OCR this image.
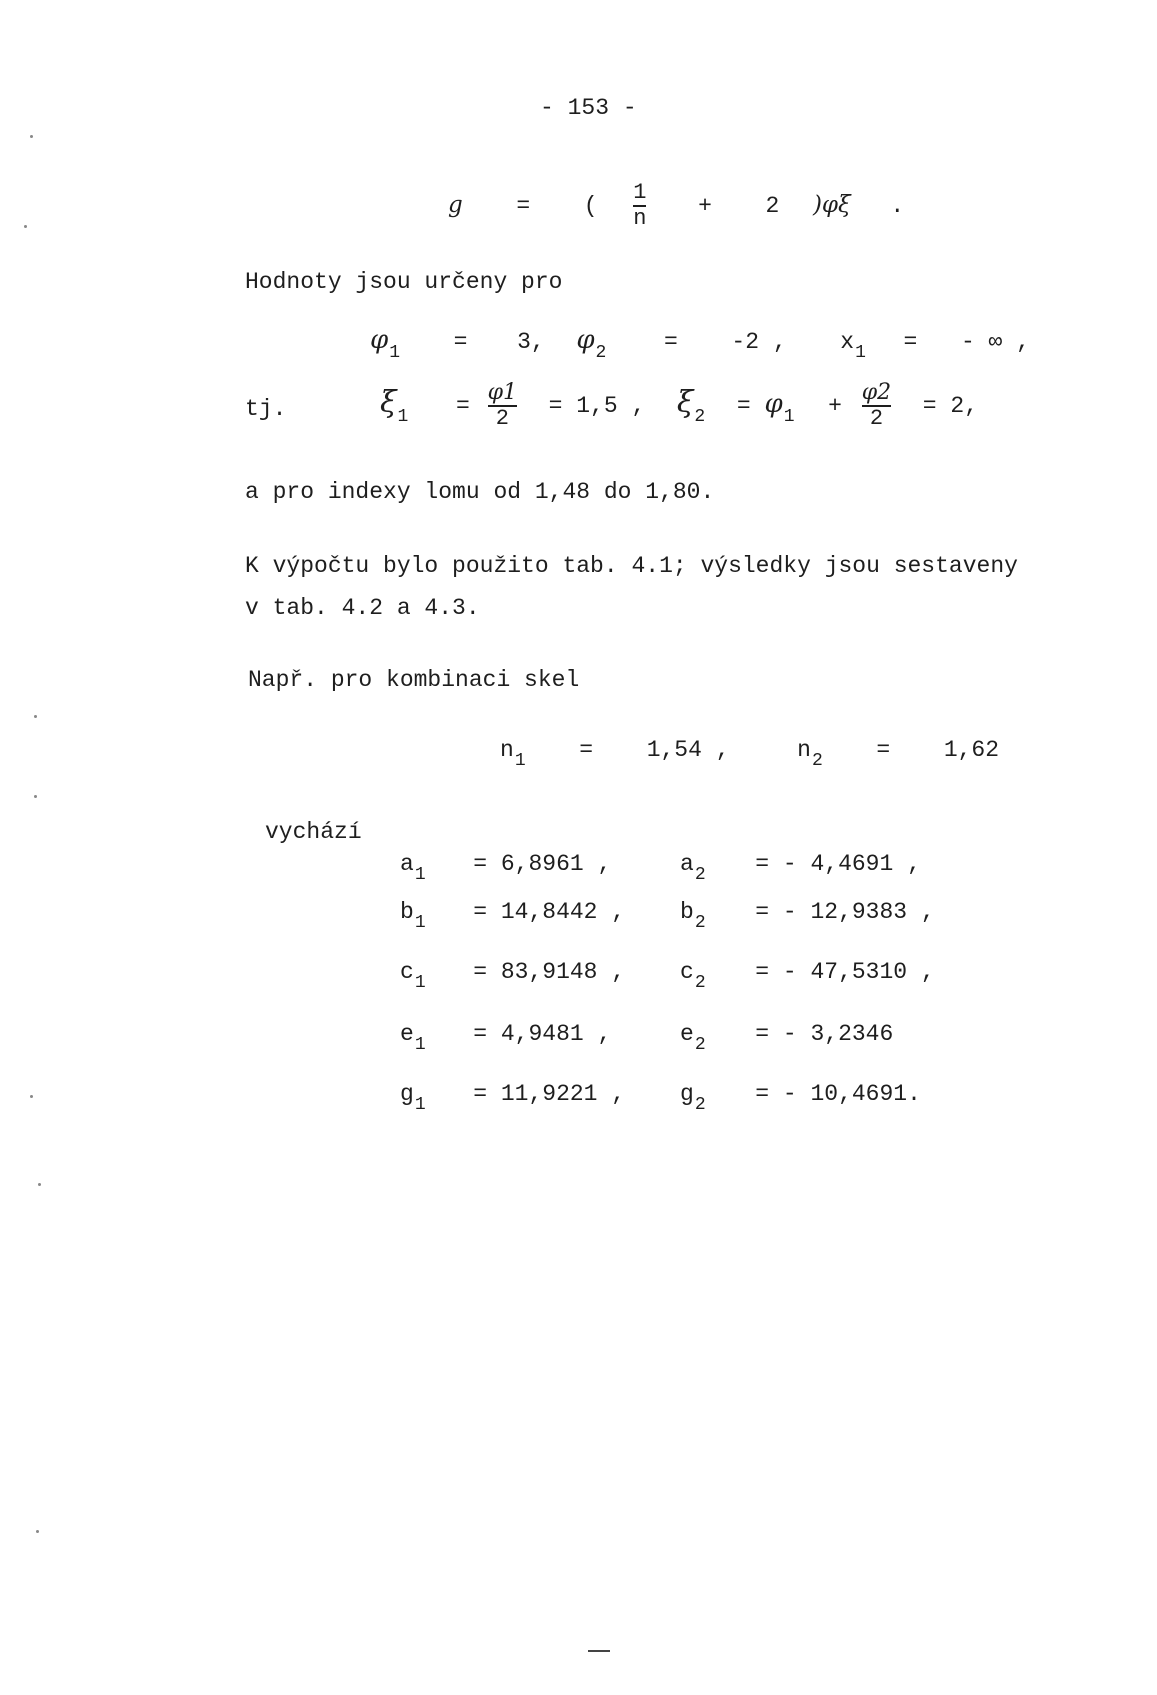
- 153 -
g = ( $\frac{1}{n} + 2$ )φξ .
Hodnoty jsou určeny pro
$\varphi_1 = 3$, $\varphi_2$	= -2 , $x_1$ = - ∞ ,
tj.	$\xi_1 = \frac{\varphi 1}{2} = 1,5$ , $\xi_2 = \varphi_1 + \frac{\varphi 2}{2} = 2$,
a pro indexy lomu od 1,48 do 1,80.
K výpočtu bylo použito tab. 4.1; výsledky jsou sestaveny
v tab. 4.2 a 4.3.
Např. pro kombinaci skel
$n_1 = 1,54$ ,	$n_2 = 1,62$
vychází
$a_1 = 6,8961$ ,	$a_2$ = - 4,4691 ,
$b_1 = 14,8442$ , $b_2$ = - 12,9383 ,
$c_1 = 83,9148$ , $c_2$ = - 47,5310 ,
$e_1 = 4,9481$ ,	$e_2$ = - 3,2346
$g_1 = 11,9221$ , $g_2$ = - 10,4691.
